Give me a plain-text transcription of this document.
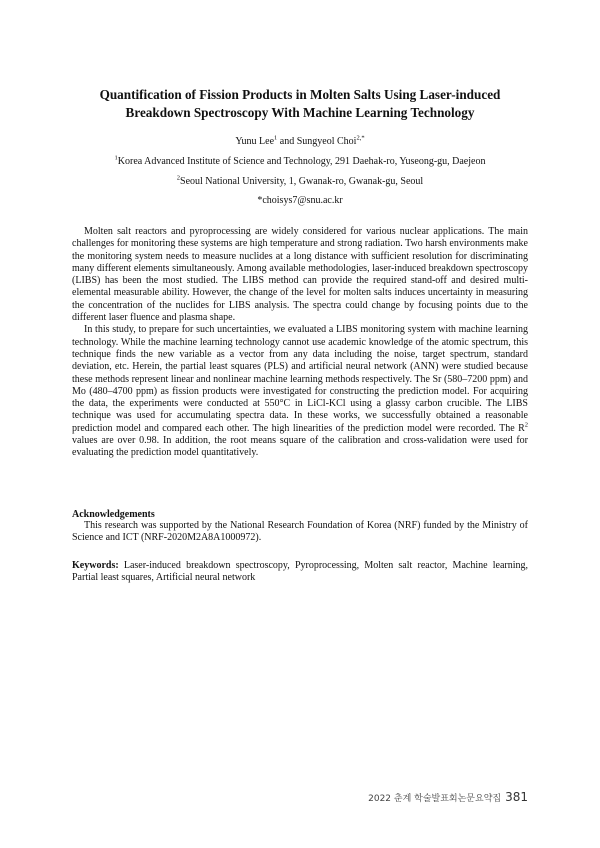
Quantification of Fission Products in Molten Salts Using Laser-induced
Breakdown Spectroscopy With Machine Learning Technology
Yunu Lee$^1$ and Sungyeol Choi$^{2,*}$
$^1$Korea Advanced Institute of Science and Technology, 291 Daehak-ro, Yuseong-gu, Daejeon
$^2$Seoul National University, 1, Gwanak-ro, Gwanak-gu, Seoul
*choisys7@snu.ac.kr

Molten salt reactors and pyroprocessing are widely considered for various nuclear applications. The main challenges for monitoring these systems are high temperature and strong radiation. Two harsh environments make the monitoring system needs to measure nuclides at a long distance with sufficient resolution for discriminating many different elements simultaneously. Among available methodologies, laser-induced breakdown spectroscopy (LIBS) has been the most studied. The LIBS method can provide the required stand-off and desired multi-elemental measurable ability. However, the change of the level for molten salts induces uncertainty in measuring the concentration of the nuclides for LIBS analysis. The spectra could change by focusing points due to the different laser fluence and plasma shape.

In this study, to prepare for such uncertainties, we evaluated a LIBS monitoring system with machine learning technology. While the machine learning technology cannot use academic knowledge of the atomic spectrum, this technique finds the new variable as a vector from any data including the noise, target spectrum, standard deviation, etc. Herein, the partial least squares (PLS) and artificial neural network (ANN) were studied because these methods represent linear and nonlinear machine learning methods respectively. The Sr (580–7200 ppm) and Mo (480–4700 ppm) as fission products were investigated for constructing the prediction model. For acquiring the data, the experiments were conducted at 550°C in LiCl-KCl using a glassy carbon crucible. The LIBS technique was used for accumulating spectra data. In these works, we successfully obtained a reasonable prediction model and compared each other. The high linearities of the prediction model were recorded. The $R^2$ values are over 0.98. In addition, the root means square of the calibration and cross-validation were used for evaluating the prediction model quantitatively.

Acknowledgements

This research was supported by the National Research Foundation of Korea (NRF) funded by the Ministry of Science and ICT (NRF-2020M2A8A1000972).

Keywords: Laser-induced breakdown spectroscopy, Pyroprocessing, Molten salt reactor, Machine learning, Partial least squares, Artificial neural network

2022 춘계 학술발표회논문요약집 381
